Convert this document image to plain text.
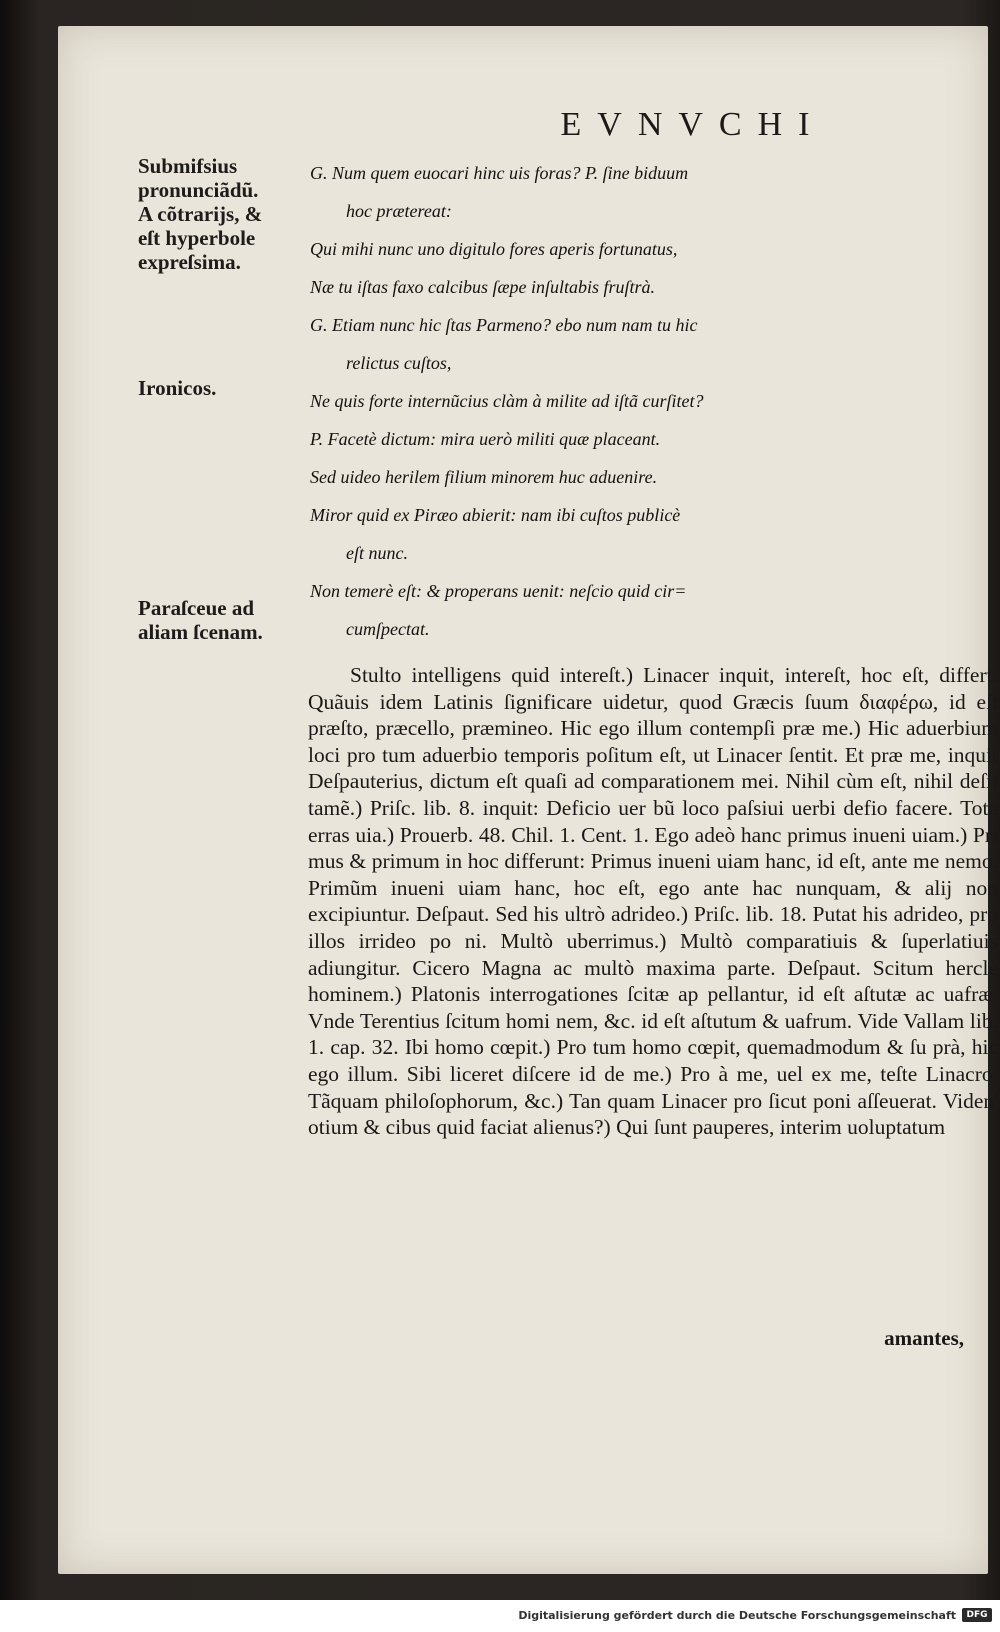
EVNVCHI
Submifsius
pronunciãdũ.
A cõtrarijs, &
eſt hyperbole
expreſsima.
Ironicos.
Paraſceue ad
aliam ſcenam.
G. Num quem euocari hinc uis foras? P. ſine biduum
hoc prætereat:
Qui mihi nunc uno digitulo fores aperis fortunatus,
Næ tu iſtas faxo calcibus ſæpe inſultabis fruſtrà.
G. Etiam nunc hic ſtas Parmeno? ebo num nam tu hic
relictus cuſtos,
Ne quis forte internũcius clàm à milite ad iſtã curſitet?
P. Facetè dictum: mira uerò militi quæ placeant.
Sed uideo herilem filium minorem huc aduenire.
Miror quid ex Piræo abierit: nam ibi cuſtos publicè
eſt nunc.
Non temerè eſt: & properans uenit: neſcio quid cir=
cumſpectat.

Stulto intelligens quid intereſt.) Linacer inquit, intereſt, hoc eſt, differt. Quãuis idem Latinis ſignificare uidetur, quod Græcis ſuum διαφέρω, id eſt præſto, præcello, præmineo. Hic ego illum contempſi præ me.) Hic aduerbium loci pro tum aduerbio temporis poſitum eſt, ut Linacer ſentit. Et præ me, inquit Deſpauterius, dictum eſt quaſi ad comparationem mei. Nihil cùm eſt, nihil deſit tamẽ.) Priſc. lib. 8. inquit: Deficio uer bũ loco paſsiui uerbi defio facere. Tota erras uia.) Prouerb. 48. Chil. 1. Cent. 1. Ego adeò hanc primus inueni uiam.) Pri mus & primum in hoc differunt: Primus inueni uiam hanc, id eſt, ante me nemo. Primũm inueni uiam hanc, hoc eſt, ego ante hac nunquam, & alij non excipiuntur. Deſpaut. Sed his ultrò adrideo.) Priſc. lib. 18. Putat his adrideo, pro illos irrideo po ni. Multò uberrimus.) Multò comparatiuis & ſuperlatiuis adiungitur. Cicero Magna ac multò maxima parte. Deſpaut. Scitum herclè hominem.) Platonis interrogationes ſcitæ ap pellantur, id eſt aſtutæ ac uafræ. Vnde Terentius ſcitum homi nem, &c. id eſt aſtutum & uafrum. Vide Vallam lib. 1. cap. 32. Ibi homo cœpit.) Pro tum homo cœpit, quemadmodum & ſu prà, hic ego illum. Sibi liceret diſcere id de me.) Pro à me, uel ex me, teſte Linacro. Tãquam philoſophorum, &c.) Tan quam Linacer pro ſicut poni aſſeuerat. Viden' otium & cibus quid faciat alienus?) Qui ſunt pauperes, interim uoluptatum

amantes,
Digitalisierung gefördert durch die Deutsche Forschungsgemeinschaft	DFG
